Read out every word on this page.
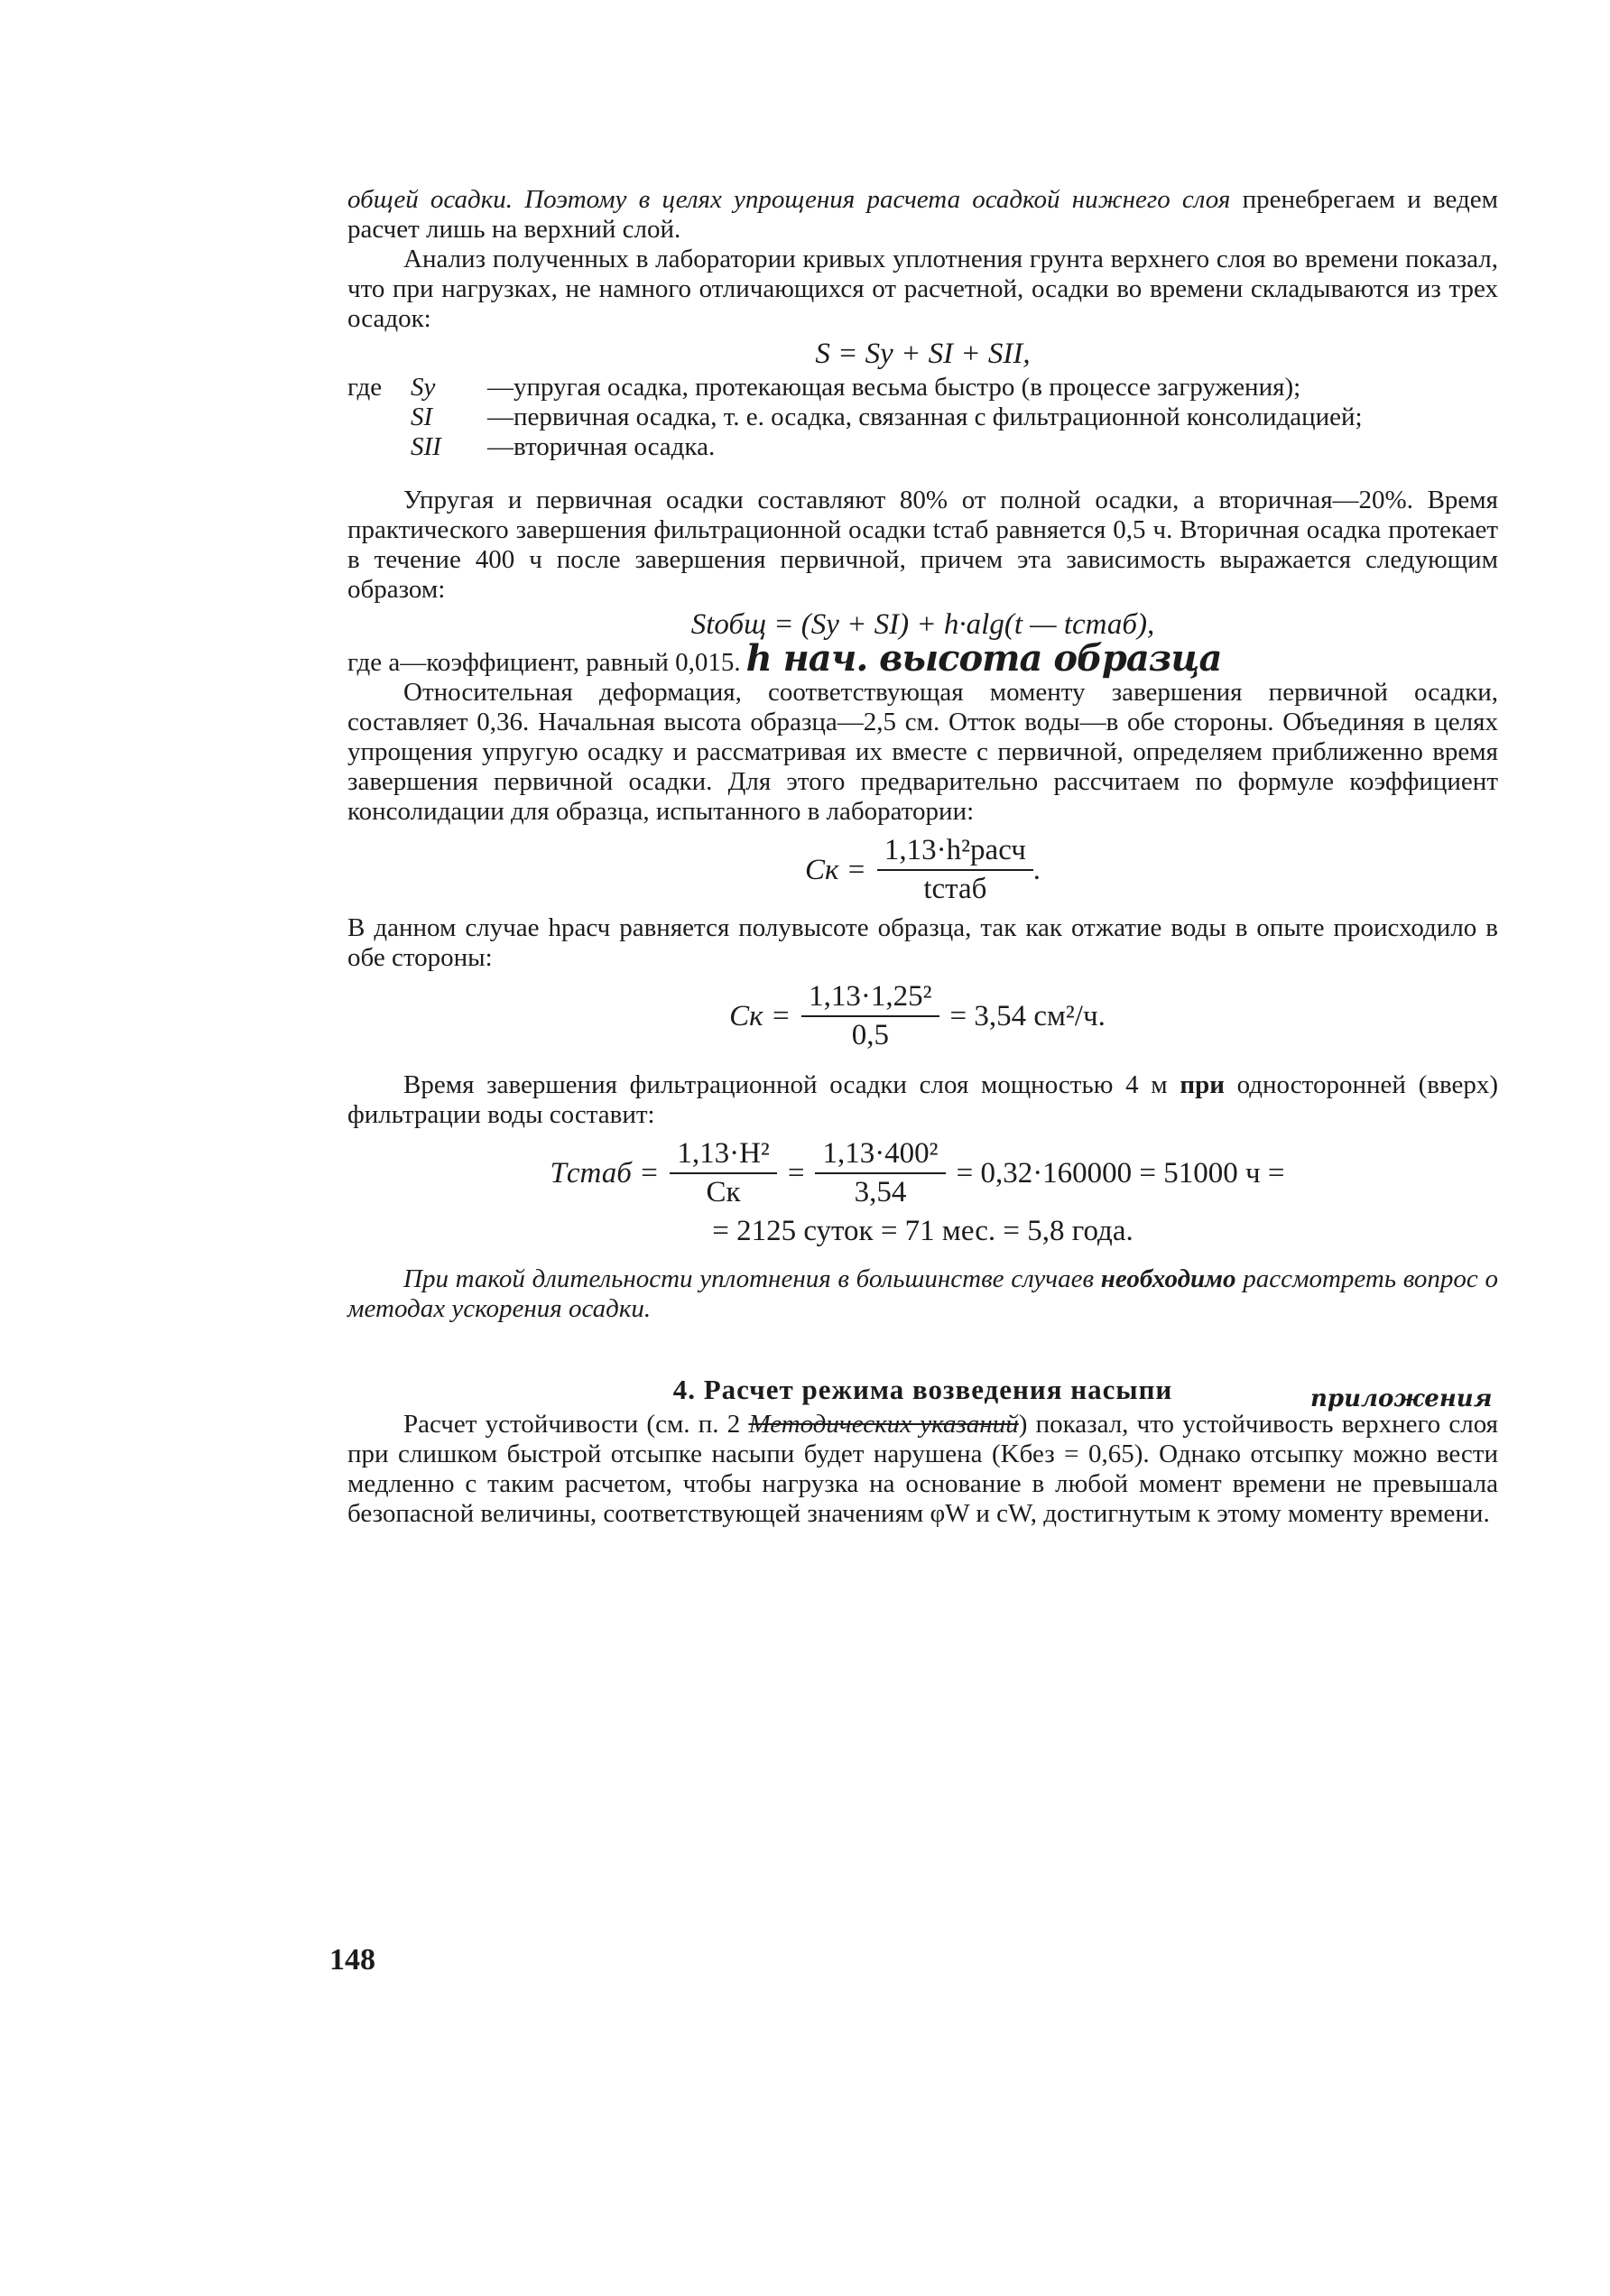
общей осадки. Поэтому в целях упрощения расчета осадкой нижнего слоя пренебрегаем и ведем расчет лишь на верхний слой.

Анализ полученных в лаборатории кривых уплотнения грунта верхнего слоя во времени показал, что при нагрузках, не намного отличающихся от расчетной, осадки во времени складываются из трех осадок:

S = Sу + SI + SII,
где	Sу	—упругая осадка, протекающая весьма быстро (в процессе загружения);
SI	—первичная осадка, т. е. осадка, связанная с фильтрационной консолидацией;
SII	—вторичная осадка.

Упругая и первичная осадки составляют 80% от полной осадки, а вторичная—20%. Время практического завершения фильтрационной осадки tстаб равняется 0,5 ч. Вторичная осадка протекает в течение 400 ч после завершения первичной, причем эта зависимость выражается следующим образом:

Stобщ = (Sу + SI) + h·alg(t — tстаб),

где a—коэффициент, равный 0,015. h нач. высота образца

Относительная деформация, соответствующая моменту завершения первичной осадки, составляет 0,36. Начальная высота образца—2,5 см. Отток воды—в обе стороны. Объединяя в целях упрощения упругую осадку и рассматривая их вместе с первичной, определяем приближенно время завершения первичной осадки. Для этого предварительно рассчитаем по формуле коэффициент консолидации для образца, испытанного в лаборатории:

Cк = $\frac{\text{1,13·h²расч}}{\text{tстаб}}$ .

В данном случае hрасч равняется полувысоте образца, так как отжатие воды в опыте происходило в обе стороны:

Cк = $\frac{\text{1,13·1,25²}}{0,5} = 3,54$ см²/ч.

Время завершения фильтрационной осадки слоя мощностью 4 м при односторонней (вверх) фильтрации воды составит:

Tстаб = $\frac{\text{1,13·H²}}{Cк} = \frac{\text{1,13·400²}}{3,54} = 0,32\cdot 160000 = 51000$ ч =
= 2125 суток = 71 мес. = 5,8 года.

При такой длительности уплотнения в большинстве случаев необходимо рассмотреть вопрос о методах ускорения осадки.

4. Расчет режима возведения насыпи

Расчет устойчивости (см. п. 2 Методических указаний
приложения
) показал, что устойчивость верхнего слоя при слишком быстрой отсыпке насыпи будет нарушена (Kбез = 0,65). Однако отсыпку можно вести медленно с таким расчетом, чтобы нагрузка на основание в любой момент времени не превышала безопасной величины, соответствующей значениям φW и cW, достигнутым к этому моменту времени.

148
